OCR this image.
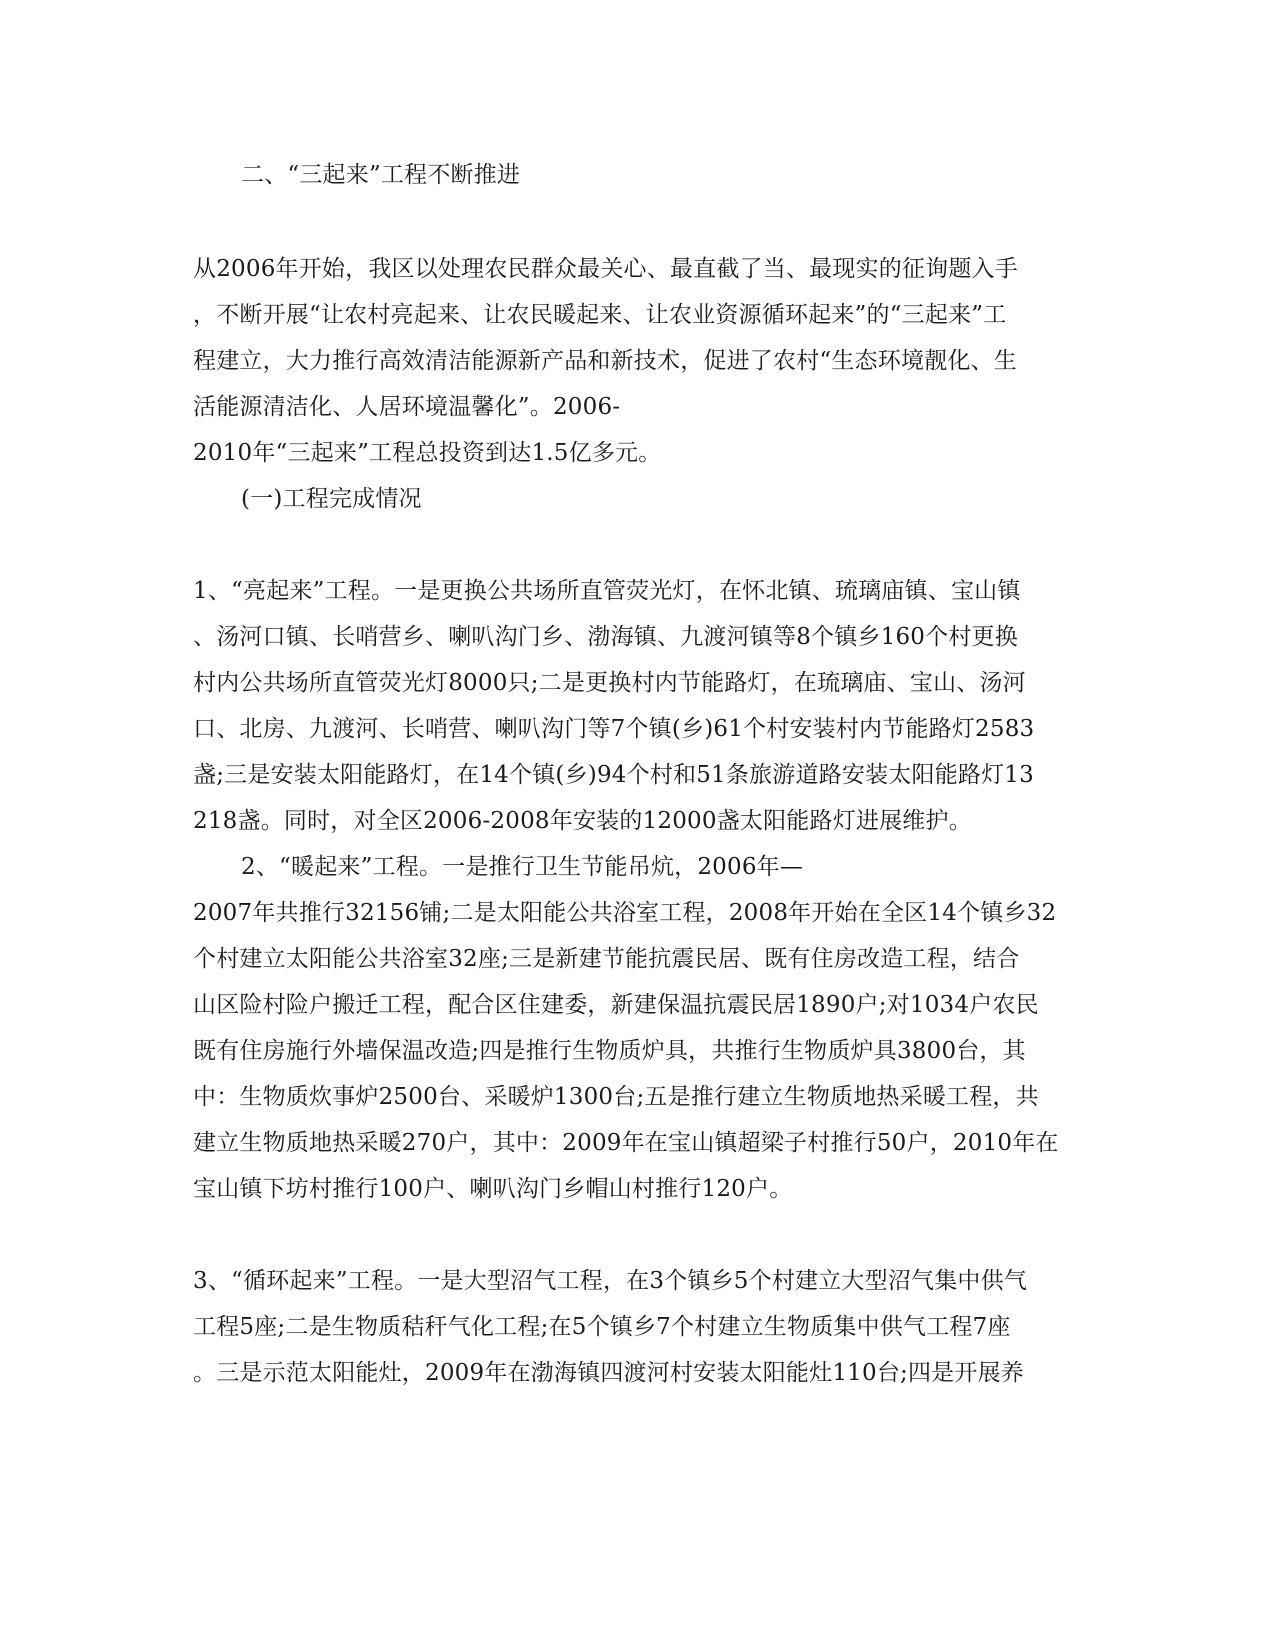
二、“三起来”工程不断推进
从2006年开始，我区以处理农民群众最关心、最直截了当、最现实的征询题入手
，不断开展“让农村亮起来、让农民暖起来、让农业资源循环起来”的“三起来”工
程建立，大力推行高效清洁能源新产品和新技术，促进了农村“生态环境靓化、生
活能源清洁化、人居环境温馨化”。2006-
2010年“三起来”工程总投资到达1.5亿多元。
(一)工程完成情况
1、“亮起来”工程。一是更换公共场所直管荧光灯，在怀北镇、琉璃庙镇、宝山镇
、汤河口镇、长哨营乡、喇叭沟门乡、渤海镇、九渡河镇等8个镇乡160个村更换
村内公共场所直管荧光灯8000只;二是更换村内节能路灯，在琉璃庙、宝山、汤河
口、北房、九渡河、长哨营、喇叭沟门等7个镇(乡)61个村安装村内节能路灯2583
盏;三是安装太阳能路灯，在14个镇(乡)94个村和51条旅游道路安装太阳能路灯13
218盏。同时，对全区2006-2008年安装的12000盏太阳能路灯进展维护。
2、“暖起来”工程。一是推行卫生节能吊炕，2006年—
2007年共推行32156铺;二是太阳能公共浴室工程，2008年开始在全区14个镇乡32
个村建立太阳能公共浴室32座;三是新建节能抗震民居、既有住房改造工程，结合
山区险村险户搬迁工程，配合区住建委，新建保温抗震民居1890户;对1034户农民
既有住房施行外墙保温改造;四是推行生物质炉具，共推行生物质炉具3800台，其
中：生物质炊事炉2500台、采暖炉1300台;五是推行建立生物质地热采暖工程，共
建立生物质地热采暖270户，其中：2009年在宝山镇超梁子村推行50户，2010年在
宝山镇下坊村推行100户、喇叭沟门乡帽山村推行120户。
3、“循环起来”工程。一是大型沼气工程，在3个镇乡5个村建立大型沼气集中供气
工程5座;二是生物质秸秆气化工程;在5个镇乡7个村建立生物质集中供气工程7座
。三是示范太阳能灶，2009年在渤海镇四渡河村安装太阳能灶110台;四是开展养
